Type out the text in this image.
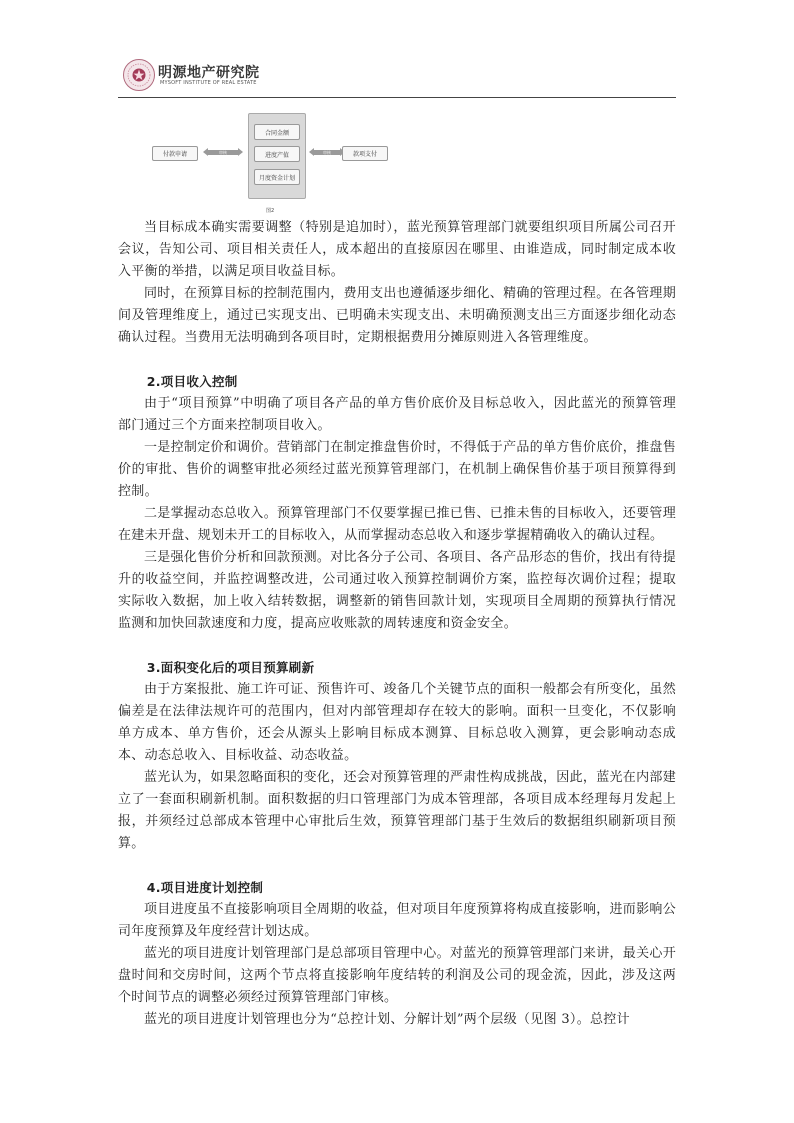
明源地产研究院
MYSOFT INSTITUTE OF REAL ESTATE
付款申请	审核
合同金额
进度产值
月度资金计划
审核	款项支付
图2

当目标成本确实需要调整（特别是追加时），蓝光预算管理部门就要组织项目所属公司召开会议，告知公司、项目相关责任人，成本超出的直接原因在哪里、由谁造成，同时制定成本收入平衡的举措，以满足项目收益目标。

同时，在预算目标的控制范围内，费用支出也遵循逐步细化、精确的管理过程。在各管理期间及管理维度上，通过已实现支出、已明确未实现支出、未明确预测支出三方面逐步细化动态确认过程。当费用无法明确到各项目时，定期根据费用分摊原则进入各管理维度。

2.项目收入控制

由于“项目预算”中明确了项目各产品的单方售价底价及目标总收入，因此蓝光的预算管理部门通过三个方面来控制项目收入。

一是控制定价和调价。营销部门在制定推盘售价时，不得低于产品的单方售价底价，推盘售价的审批、售价的调整审批必须经过蓝光预算管理部门，在机制上确保售价基于项目预算得到控制。

二是掌握动态总收入。预算管理部门不仅要掌握已推已售、已推未售的目标收入，还要管理在建未开盘、规划未开工的目标收入，从而掌握动态总收入和逐步掌握精确收入的确认过程。

三是强化售价分析和回款预测。对比各分子公司、各项目、各产品形态的售价，找出有待提升的收益空间，并监控调整改进，公司通过收入预算控制调价方案，监控每次调价过程；提取实际收入数据，加上收入结转数据，调整新的销售回款计划，实现项目全周期的预算执行情况监测和加快回款速度和力度，提高应收账款的周转速度和资金安全。

3.面积变化后的项目预算刷新

由于方案报批、施工许可证、预售许可、竣备几个关键节点的面积一般都会有所变化，虽然偏差是在法律法规许可的范围内，但对内部管理却存在较大的影响。面积一旦变化，不仅影响单方成本、单方售价，还会从源头上影响目标成本测算、目标总收入测算，更会影响动态成本、动态总收入、目标收益、动态收益。

蓝光认为，如果忽略面积的变化，还会对预算管理的严肃性构成挑战，因此，蓝光在内部建立了一套面积刷新机制。面积数据的归口管理部门为成本管理部，各项目成本经理每月发起上报，并须经过总部成本管理中心审批后生效，预算管理部门基于生效后的数据组织刷新项目预算。

4.项目进度计划控制

项目进度虽不直接影响项目全周期的收益，但对项目年度预算将构成直接影响，进而影响公司年度预算及年度经营计划达成。

蓝光的项目进度计划管理部门是总部项目管理中心。对蓝光的预算管理部门来讲，最关心开盘时间和交房时间，这两个节点将直接影响年度结转的利润及公司的现金流，因此，涉及这两个时间节点的调整必须经过预算管理部门审核。

蓝光的项目进度计划管理也分为“总控计划、分解计划”两个层级（见图 3）。总控计
